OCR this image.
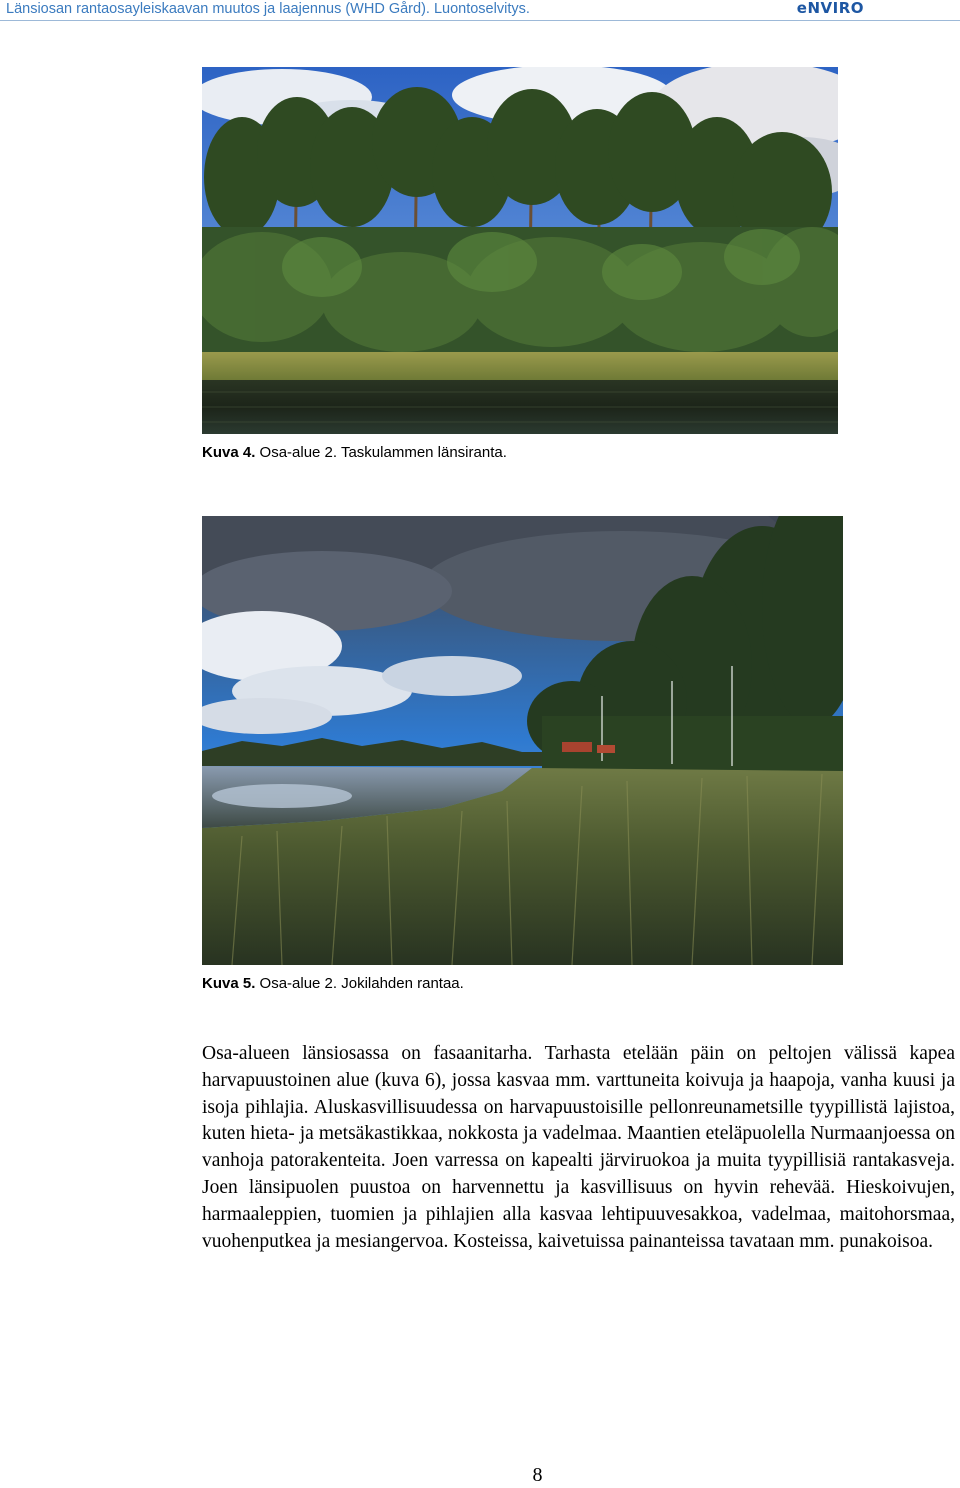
Länsiosan rantaosayleiskaavan muutos ja laajennus (WHD Gård). Luontoselvitys.	eNVIRO
Kuva 4. Osa-alue 2. Taskulammen länsiranta.
Kuva 5. Osa-alue 2. Jokilahden rantaa.

Osa-alueen länsiosassa on fasaanitarha. Tarhasta etelään päin on peltojen välissä kapea harvapuustoinen alue (kuva 6), jossa kasvaa mm. varttuneita koivuja ja haapoja, vanha kuusi ja isoja pihlajia. Aluskasvillisuudessa on harvapuustoisille pellonreunametsille tyypillistä lajistoa, kuten hieta- ja metsäkastikkaa, nokkosta ja vadelmaa. Maantien eteläpuolella Nurmaanjoessa on vanhoja patorakenteita. Joen varressa on kapealti järviruokoa ja muita tyypillisiä rantakasveja. Joen länsipuolen puustoa on harvennettu ja kasvillisuus on hyvin rehevää. Hieskoivujen, harmaaleppien, tuomien ja pihlajien alla kasvaa lehtipuuvesakkoa, vadelmaa, maitohorsmaa, vuohenputkea ja mesiangervoa. Kosteissa, kaivetuissa painanteissa tavataan mm. punakoisoa.

8
